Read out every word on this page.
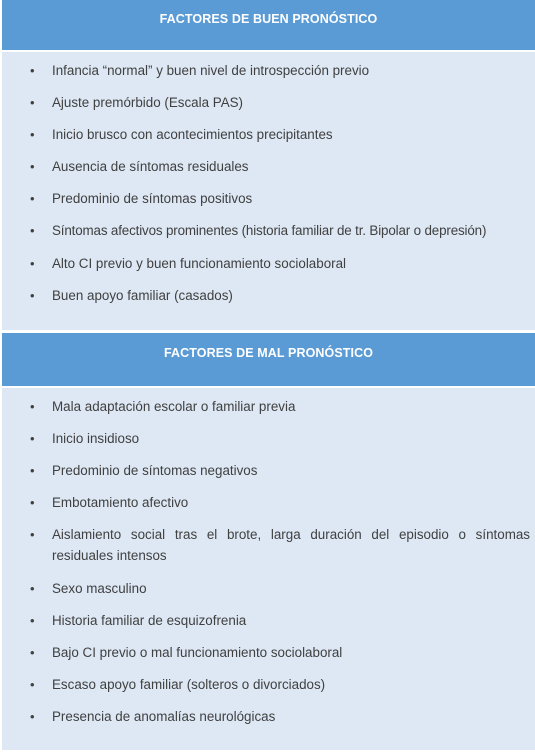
FACTORES DE BUEN PRONÓSTICO
• Infancia “normal” y buen nivel de introspección previo
• Ajuste premórbido (Escala PAS)
• Inicio brusco con acontecimientos precipitantes
• Ausencia de síntomas residuales
• Predominio de síntomas positivos
• Síntomas afectivos prominentes (historia familiar de tr. Bipolar o depresión)
• Alto CI previo y buen funcionamiento sociolaboral
• Buen apoyo familiar (casados)
FACTORES DE MAL PRONÓSTICO
• Mala adaptación escolar o familiar previa
• Inicio insidioso
• Predominio de síntomas negativos
• Embotamiento afectivo
• Aislamiento social tras el brote, larga duración del episodio o síntomas residuales intensos
• Sexo masculino
• Historia familiar de esquizofrenia
• Bajo CI previo o mal funcionamiento sociolaboral
• Escaso apoyo familiar (solteros o divorciados)
• Presencia de anomalías neurológicas
